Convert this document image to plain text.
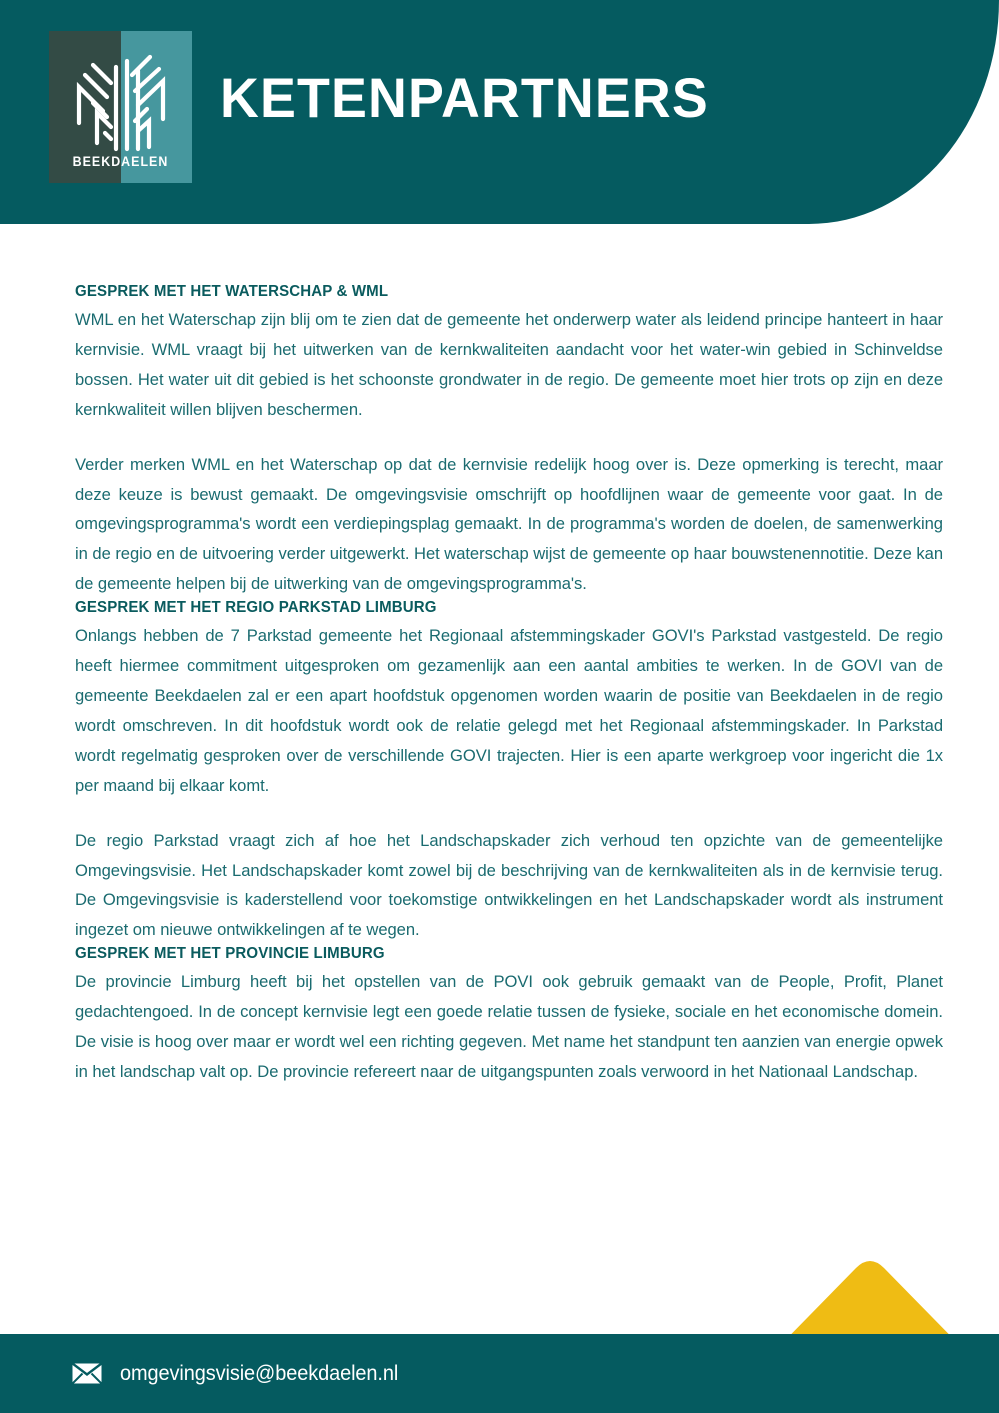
BEEKDAELEN
KETENPARTNERS
GESPREK MET HET WATERSCHAP & WML

WML en het Waterschap zijn blij om te zien dat de gemeente het onderwerp water als leidend principe hanteert in haar kernvisie. WML vraagt bij het uitwerken van de kernkwaliteiten aandacht voor het water-win gebied in Schinveldse bossen. Het water uit dit gebied is het schoonste grondwater in de regio. De gemeente moet hier trots op zijn en deze kernkwaliteit willen blijven beschermen.

Verder merken WML en het Waterschap op dat de kernvisie redelijk hoog over is. Deze opmerking is terecht, maar deze keuze is bewust gemaakt. De omgevingsvisie omschrijft op hoofdlijnen waar de gemeente voor gaat. In de omgevingsprogramma's wordt een verdiepingsplag gemaakt. In de programma's worden de doelen, de samenwerking in de regio en de uitvoering verder uitgewerkt. Het waterschap wijst de gemeente op haar bouwstenennotitie. Deze kan de gemeente helpen bij de uitwerking van de omgevingsprogramma's.

GESPREK MET HET REGIO PARKSTAD LIMBURG

Onlangs hebben de 7 Parkstad gemeente het Regionaal afstemmingskader GOVI's Parkstad vastgesteld. De regio heeft hiermee commitment uitgesproken om gezamenlijk aan een aantal ambities te werken. In de GOVI van de gemeente Beekdaelen zal er een apart hoofdstuk opgenomen worden waarin de positie van Beekdaelen in de regio wordt omschreven. In dit hoofdstuk wordt ook de relatie gelegd met het Regionaal afstemmingskader. In Parkstad wordt regelmatig gesproken over de verschillende GOVI trajecten. Hier is een aparte werkgroep voor ingericht die 1x per maand bij elkaar komt.

De regio Parkstad vraagt zich af hoe het Landschapskader zich verhoud ten opzichte van de gemeentelijke Omgevingsvisie. Het Landschapskader komt zowel bij de beschrijving van de kernkwaliteiten als in de kernvisie terug. De Omgevingsvisie is kaderstellend voor toekomstige ontwikkelingen en het Landschapskader wordt als instrument ingezet om nieuwe ontwikkelingen af te wegen.

GESPREK MET HET PROVINCIE LIMBURG

De provincie Limburg heeft bij het opstellen van de POVI ook gebruik gemaakt van de People, Profit, Planet gedachtengoed. In de concept kernvisie legt een goede relatie tussen de fysieke, sociale en het economische domein. De visie is hoog over maar er wordt wel een richting gegeven. Met name het standpunt ten aanzien van energie opwek in het landschap valt op. De provincie refereert naar de uitgangspunten zoals verwoord in het Nationaal Landschap.

omgevingsvisie@beekdaelen.nl
